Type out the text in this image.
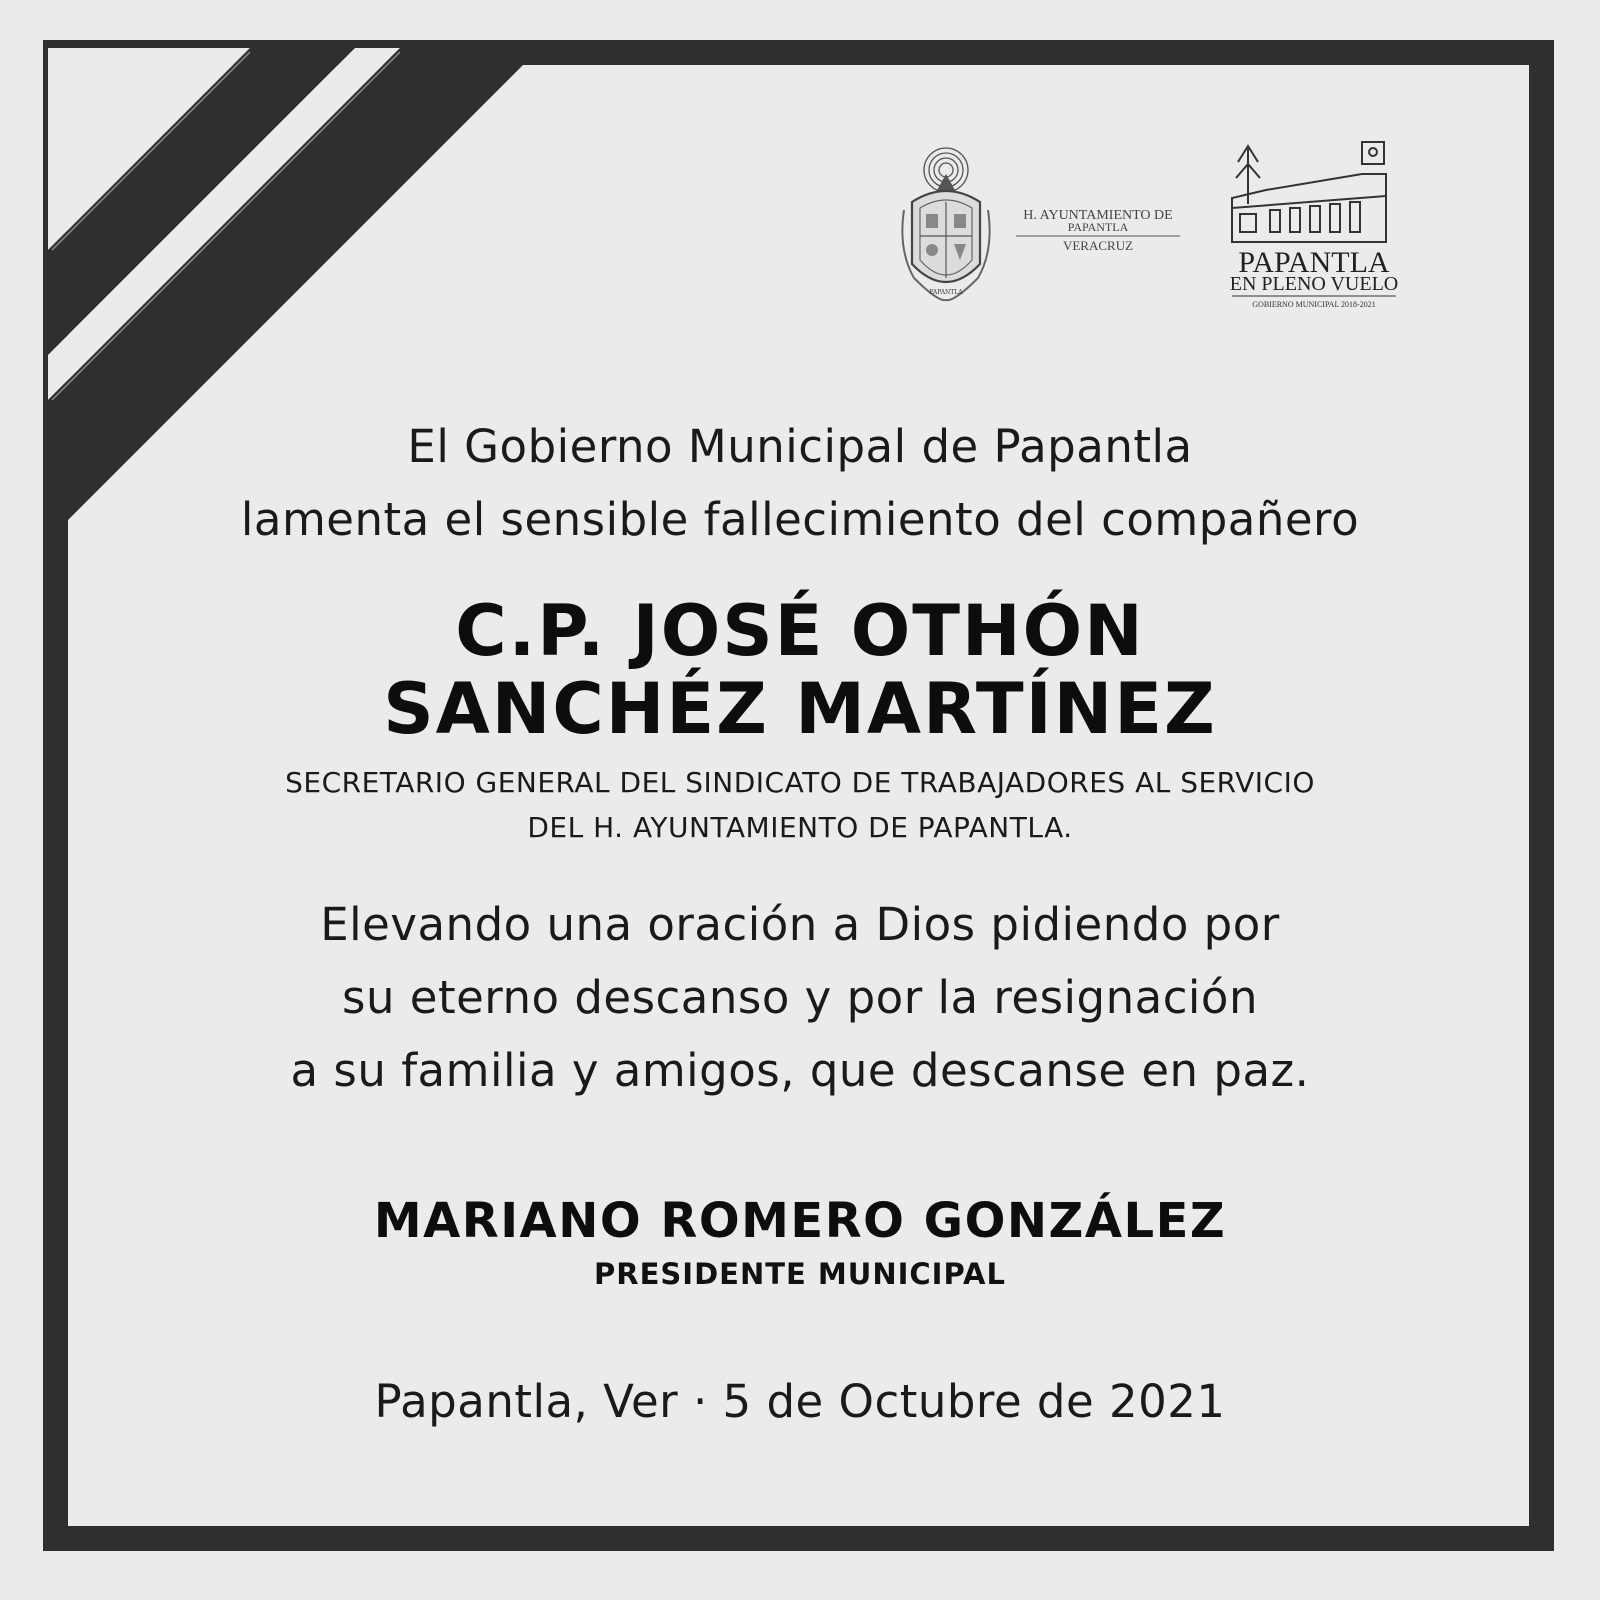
PAPANTLA
H. AYUNTAMIENTO DE
PAPANTLA
VERACRUZ
PAPANTLA
EN PLENO VUELO
GOBIERNO MUNICIPAL 2018-2021
El Gobierno Municipal de Papantla
lamenta el sensible fallecimiento del compañero
C.P. JOSÉ OTHÓN
SANCHÉZ MARTÍNEZ
SECRETARIO GENERAL DEL SINDICATO DE TRABAJADORES AL SERVICIO
DEL H. AYUNTAMIENTO DE PAPANTLA.
Elevando una oración a Dios pidiendo por
su eterno descanso y por la resignación
a su familia y amigos, que descanse en paz.
MARIANO ROMERO GONZÁLEZ
PRESIDENTE MUNICIPAL
Papantla, Ver · 5 de Octubre de 2021
